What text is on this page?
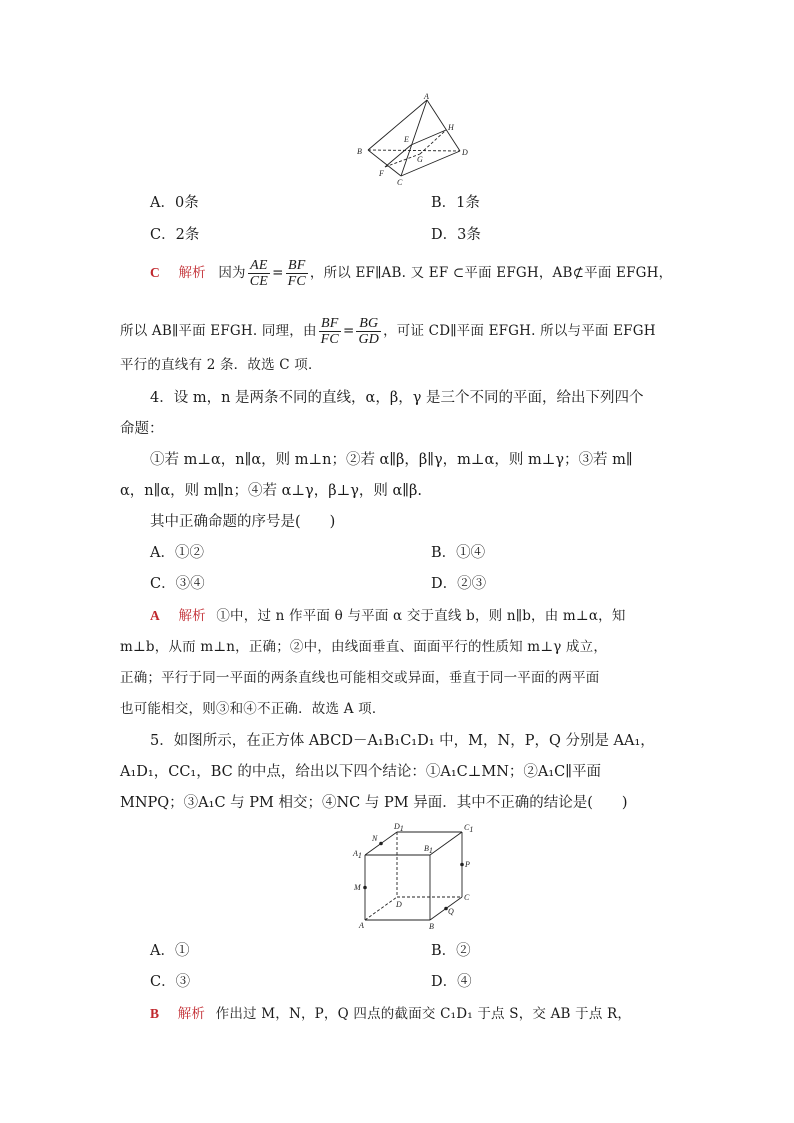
A
B
C
D
E
F
G
H
A．0条	B．1条
C．2条	D．3条
C 解析 因为 $\frac{AE}{CE} = \frac{BF}{FC}$ ，所以 EF∥AB. 又 EF ⊂平面 EFGH，AB⊄平面 EFGH，
所以 AB∥平面 EFGH. 同理，由 $\frac{BF}{FC} = \frac{BG}{GD}$ ，可证 CD∥平面 EFGH. 所以与平面 EFGH
平行的直线有 2 条．故选 C 项．
4．设 m，n 是两条不同的直线，α，β，γ 是三个不同的平面，给出下列四个
命题：
①若 m⊥α，n∥α，则 m⊥n；②若 α∥β，β∥γ，m⊥α，则 m⊥γ；③若 m∥
α，n∥α，则 m∥n；④若 α⊥γ，β⊥γ，则 α∥β.
其中正确命题的序号是(　　)
A．①②	B．①④
C．③④	D．②③
A 解析 ①中，过 n 作平面 θ 与平面 α 交于直线 b，则 n∥b，由 m⊥α，知
m⊥b，从而 m⊥n，正确；②中，由线面垂直、面面平行的性质知 m⊥γ 成立，
正确；平行于同一平面的两条直线也可能相交或异面，垂直于同一平面的两平面
也可能相交，则③和④不正确．故选 A 项．
5．如图所示，在正方体 ABCD－A₁B₁C₁D₁ 中，M，N，P，Q 分别是 AA₁，
A₁D₁，CC₁，BC 的中点，给出以下四个结论：①A₁C⊥MN；②A₁C∥平面
MNPQ；③A₁C 与 PM 相交；④NC 与 PM 异面．其中不正确的结论是(　　)
N
D1	C1
A1
B1
P
M
D
C
Q
A	B
A．①	B．②
C．③	D．④
B 解析 作出过 M，N，P，Q 四点的截面交 C₁D₁ 于点 S，交 AB 于点 R，
